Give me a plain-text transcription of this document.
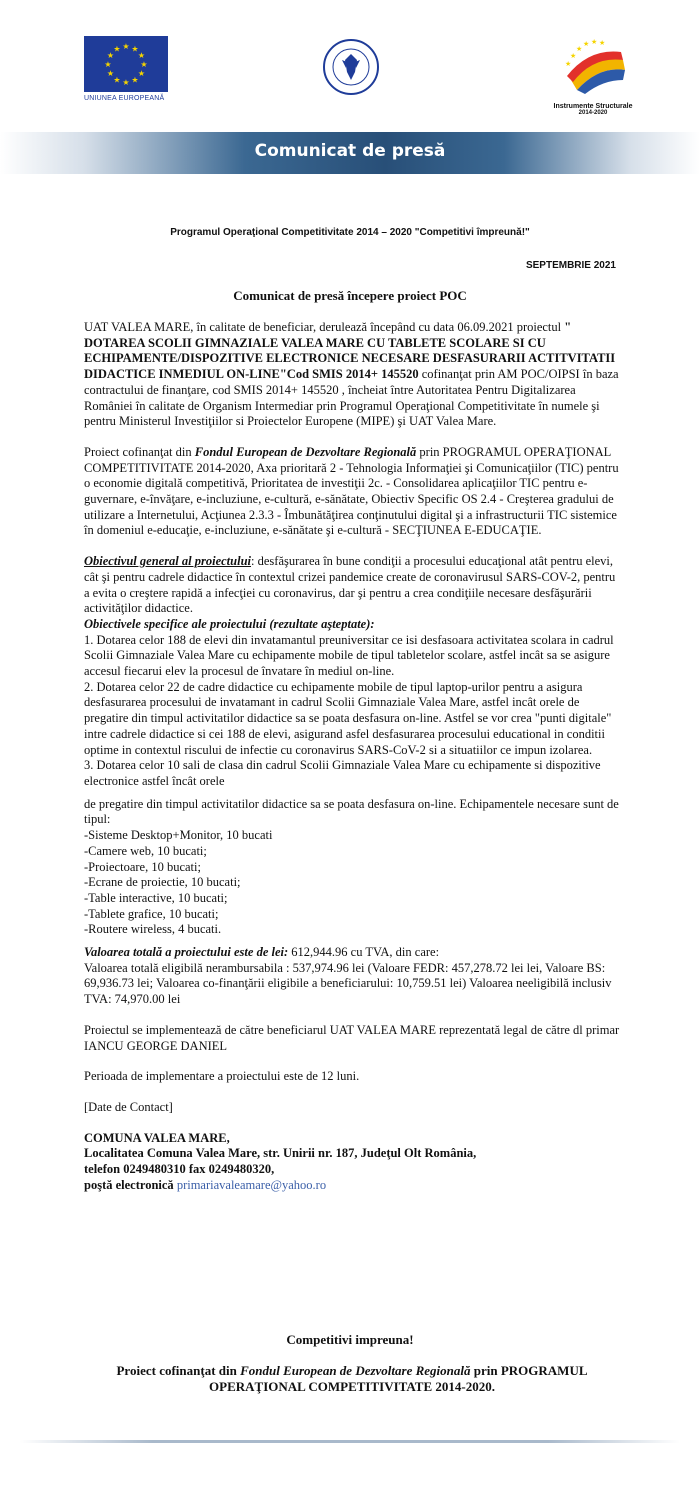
★ ★
★
★
★
★
★
★
★
★
★
★
UNIUNEA EUROPEANĂ
★ ★ ★
★
★
★
Instrumente Structurale
2014-2020
Comunicat de presă
Programul Operaţional Competitivitate 2014 – 2020 "Competitivi împreună!"
SEPTEMBRIE 2021
Comunicat de presă începere proiect POC

UAT VALEA MARE, în calitate de beneficiar, derulează începând cu data 06.09.2021 proiectul " DOTAREA SCOLII GIMNAZIALE VALEA MARE CU TABLETE SCOLARE SI CU ECHIPAMENTE/DISPOZITIVE ELECTRONICE NECESARE DESFASURARII ACTITVITATII DIDACTICE INMEDIUL ON-LINE"Cod SMIS 2014+ 145520 cofinanţat prin AM POC/OIPSI în baza contractului de finanţare, cod SMIS 2014+ 145520 , încheiat între Autoritatea Pentru Digitalizarea României în calitate de Organism Intermediar prin Programul Operaţional Competitivitate în numele şi pentru Ministerul Investiţiilor si Proiectelor Europene (MIPE) şi UAT Valea Mare.

Proiect cofinanţat din Fondul European de Dezvoltare Regională prin PROGRAMUL OPERAŢIONAL COMPETITIVITATE 2014-2020, Axa prioritară 2 - Tehnologia Informaţiei şi Comunicaţiilor (TIC) pentru o economie digitală competitivă, Prioritatea de investiţii 2c. - Consolidarea aplicaţiilor TIC pentru e-guvernare, e-învăţare, e-incluziune, e-cultură, e-sănătate, Obiectiv Specific OS 2.4 - Creşterea gradului de utilizare a Internetului, Acţiunea 2.3.3 - Îmbunătăţirea conţinutului digital şi a infrastructurii TIC sistemice în domeniul e-educaţie, e-incluziune, e-sănătate şi e-cultură - SECŢIUNEA E-EDUCAŢIE.

Obiectivul general al proiectului: desfăşurarea în bune condiţii a procesului educaţional atât pentru elevi, cât şi pentru cadrele didactice în contextul crizei pandemice create de coronavirusul SARS-COV-2, pentru a evita o creştere rapidă a infecţiei cu coronavirus, dar şi pentru a crea condiţiile necesare desfăşurării activităţilor didactice.

Obiectivele specifice ale proiectului (rezultate aşteptate):

1. Dotarea celor 188 de elevi din invatamantul preuniversitar ce isi desfasoara activitatea scolara in cadrul Scolii Gimnaziale Valea Mare cu echipamente mobile de tipul tabletelor scolare, astfel incât sa se asigure accesul fiecarui elev la procesul de învatare în mediul on-line.

2. Dotarea celor 22 de cadre didactice cu echipamente mobile de tipul laptop-urilor pentru a asigura desfasurarea procesului de invatamant in cadrul Scolii Gimnaziale Valea Mare, astfel incât orele de pregatire din timpul activitatilor didactice sa se poata desfasura on-line. Astfel se vor crea "punti digitale" intre cadrele didactice si cei 188 de elevi, asigurand asfel desfasurarea procesului educational in conditii optime in contextul riscului de infectie cu coronavirus SARS-CoV-2 si a situatiilor ce impun izolarea.

3. Dotarea celor 10 sali de clasa din cadrul Scolii Gimnaziale Valea Mare cu echipamente si dispozitive electronice astfel încât orele

de pregatire din timpul activitatilor didactice sa se poata desfasura on-line. Echipamentele necesare sunt de tipul:

-Sisteme Desktop+Monitor, 10 bucati

-Camere web, 10 bucati;

-Proiectoare, 10 bucati;

-Ecrane de proiectie, 10 bucati;

-Table interactive, 10 bucati;

-Tablete grafice, 10 bucati;

-Routere wireless, 4 bucati.

Valoarea totală a proiectului este de lei: 612,944.96 cu TVA, din care:

Valoarea totală eligibilă nerambursabila : 537,974.96 lei (Valoare FEDR: 457,278.72 lei lei, Valoare BS: 69,936.73 lei; Valoarea co-finanţării eligibile a beneficiarului: 10,759.51 lei) Valoarea neeligibilă inclusiv TVA: 74,970.00 lei

Proiectul se implementează de către beneficiarul UAT VALEA MARE reprezentată legal de către dl primar IANCU GEORGE DANIEL

Perioada de implementare a proiectului este de 12 luni.

[Date de Contact]

COMUNA VALEA MARE,

Localitatea Comuna Valea Mare, str. Unirii nr. 187, Judeţul Olt România,

telefon 0249480310 fax 0249480320,

poştă electronică primariavaleamare@yahoo.ro

Competitivi impreuna!
Proiect cofinanţat din Fondul European de Dezvoltare Regională prin PROGRAMUL OPERAŢIONAL COMPETITIVITATE 2014-2020.
